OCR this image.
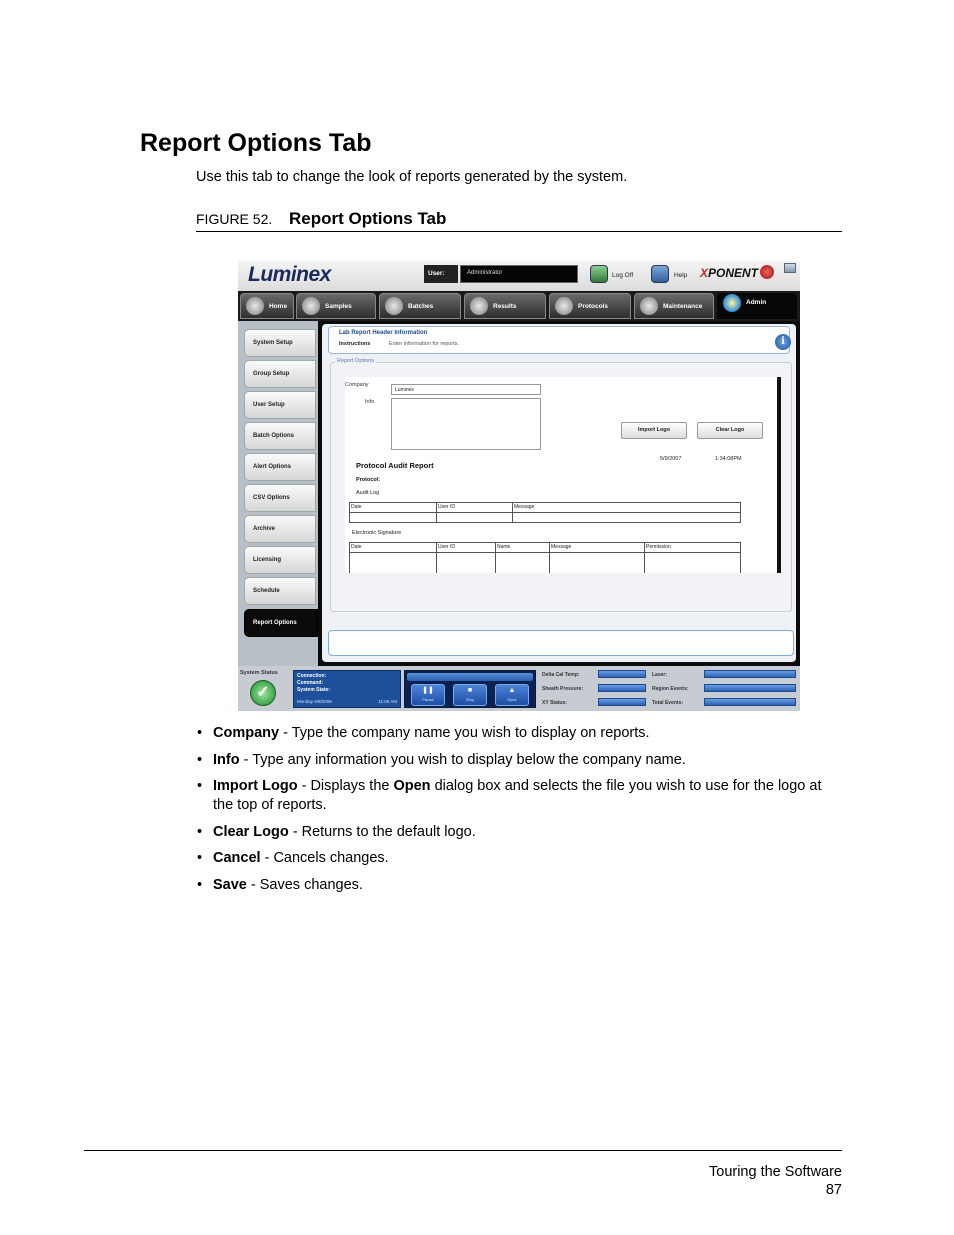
Report Options Tab
Use this tab to change the look of reports generated by the system.
FIGURE 52. Report Options Tab
Luminex	User:	Administrator	Log Off	Help XPONENT
Home	Samples	Batches	Results	Protocols	Maintenance
Admin
System Setup
Group Setup
User Setup
Batch Options
Alert Options
CSV Options
Archive
Licensing
Schedule
Report Options
Lab Report Header Information
Instructions	Enter information for reports.	i
Report Options
Company
Info
Luminex
Import Logo	Clear Logo
Protocol Audit Report
5/9/2007	1:34:08PM
Protocol:
Audit Log
Date	User ID	Message
Electronic Signature
Date	User ID	Name	Message	Permission
System Status
✓
Connection:
Command:
System State:
Monday 6/9/2008	11:05 AM
❚❚
Pause
■
Stop
▲
Eject
Delta Cal Temp:
Sheath Pressure:
XY Status:
Laser:
Region Events:
Total Events:
• Company - Type the company name you wish to display on reports.
• Info - Type any information you wish to display below the company name.
• Import Logo - Displays the Open dialog box and selects the file you wish to use for the logo at the top of reports.
• Clear Logo - Returns to the default logo.
• Cancel - Cancels changes.
• Save - Saves changes.
Touring the Software
87
